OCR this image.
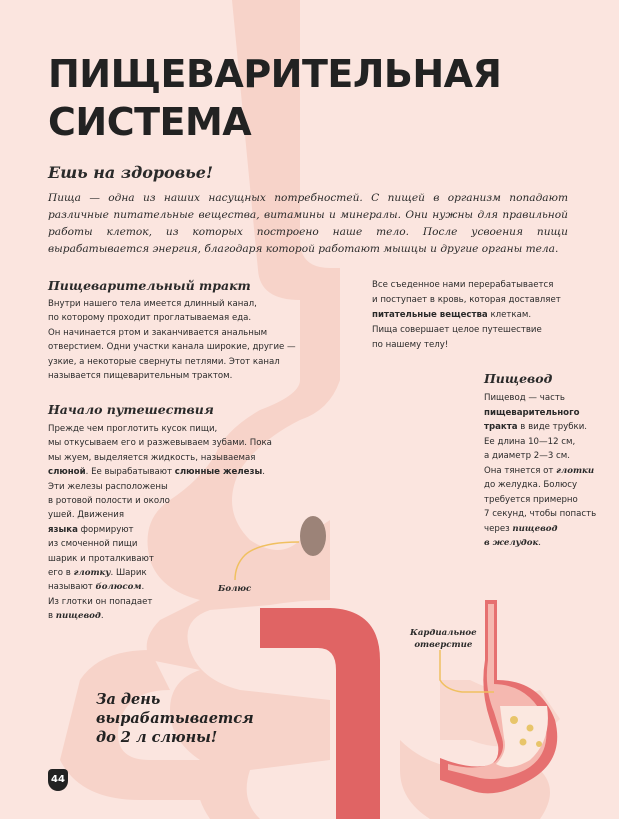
ПИЩЕВАРИТЕЛЬНАЯ
СИСТЕМА
Ешь на здоровье!
Пища — одна из наших насущных потребностей. С пищей в организм попадают различные питательные вещества, витамины и минералы. Они нужны для правильной работы клеток, из которых построено наше тело. После усвоения пищи вырабатывается энергия, благодаря которой работают мышцы и другие органы тела.
Пищеварительный тракт
Внутри нашего тела имеется длинный канал,
по которому проходит проглатываемая еда.
Он начинается ртом и заканчивается анальным
отверстием. Одни участки канала широкие, другие —
узкие, а некоторые свернуты петлями. Этот канал
называется пищеварительным трактом.
Все съеденное нами перерабатывается
и поступает в кровь, которая доставляет
питательные вещества клеткам.
Пища совершает целое путешествие
по нашему телу!
Начало путешествия
Прежде чем проглотить кусок пищи,
мы откусываем его и разжевываем зубами. Пока
мы жуем, выделяется жидкость, называемая
слюной. Ее вырабатывают слюнные железы.
Эти железы расположены
в ротовой полости и около
ушей. Движения
языка формируют
из смоченной пищи
шарик и проталкивают
его в глотку. Шарик
называют болюсом.
Из глотки он попадает
в пищевод.
Пищевод
Пищевод — часть
пищеварительного
тракта в виде трубки.
Ее длина 10—12 см,
а диаметр 2—3 см.
Она тянется от глотки
до желудка. Болюсу
требуется примерно
7 секунд, чтобы попасть
через пищевод
в желудок.
Болюс
Кардиальное
отверстие
За день
вырабатывается
до 2 л слюны!
44
